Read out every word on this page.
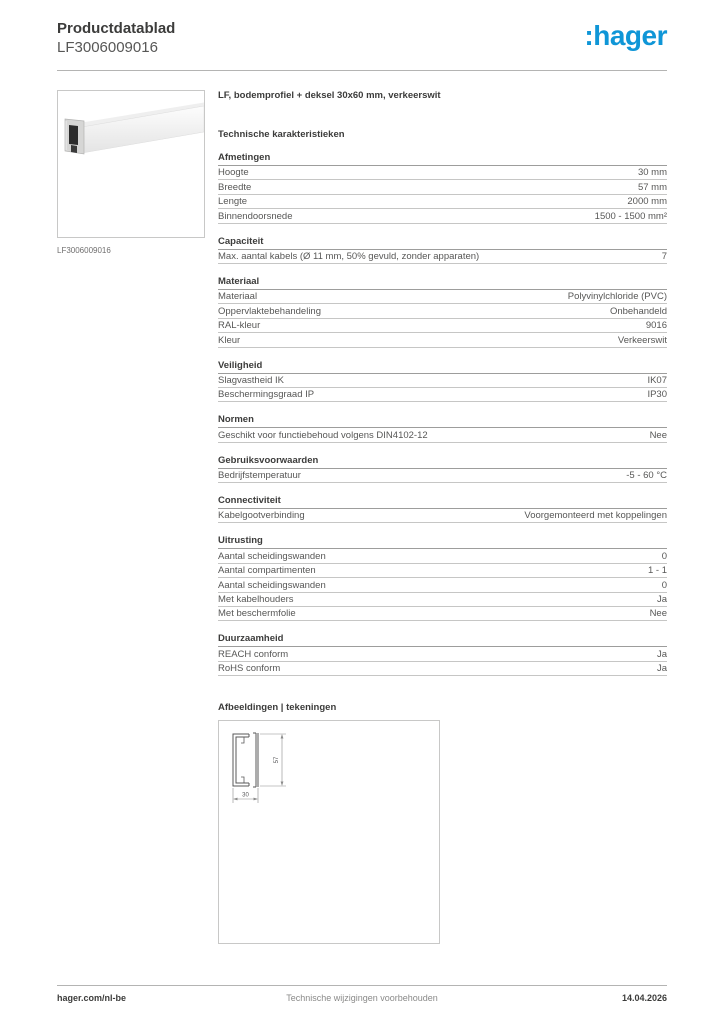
Productdatablad
LF3006009016	:hager
LF3006009016
LF, bodemprofiel + deksel 30x60 mm, verkeerswit
Technische karakteristieken
Afmetingen
Hoogte	30 mm
Breedte	57 mm
Lengte	2000 mm
Binnendoorsnede	1500 - 1500 mm²
Capaciteit
Max. aantal kabels (Ø 11 mm, 50% gevuld, zonder apparaten)	7
Materiaal
Materiaal	Polyvinylchloride (PVC)
Oppervlaktebehandeling	Onbehandeld
RAL-kleur	9016
Kleur	Verkeerswit
Veiligheid
Slagvastheid IK	IK07
Beschermingsgraad IP	IP30
Normen
Geschikt voor functiebehoud volgens DIN4102-12	Nee
Gebruiksvoorwaarden
Bedrijfstemperatuur	-5 - 60 °C
Connectiviteit
Kabelgootverbinding	Voorgemonteerd met koppelingen
Uitrusting
Aantal scheidingswanden	0
Aantal compartimenten	1 - 1
Aantal scheidingswanden	0
Met kabelhouders	Ja
Met beschermfolie	Nee
Duurzaamheid
REACH conform	Ja
RoHS conform	Ja
Afbeeldingen | tekeningen
57
30
hager.com/nl-be	Technische wijzigingen voorbehouden	14.04.2026
